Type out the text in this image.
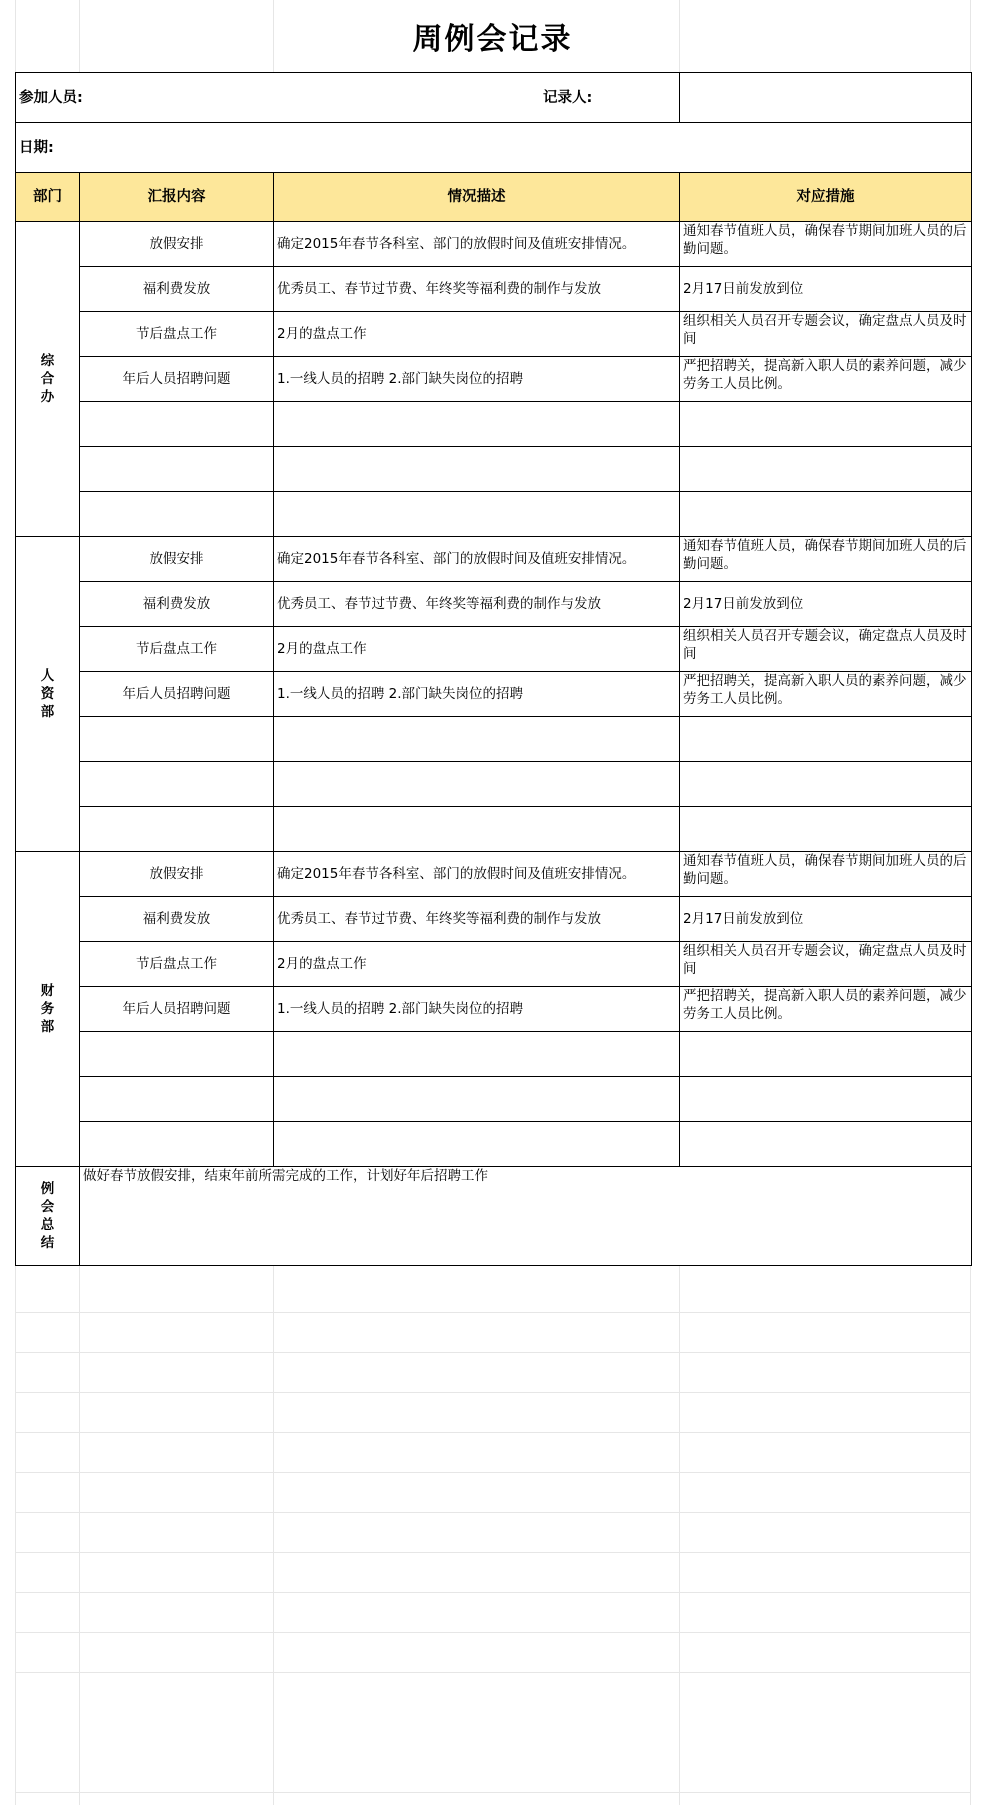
周例会记录
参加人员:			记录人:
日期:			
部门	汇报内容	情况描述	对应措施

综
合
办	放假安排	确定2015年春节各科室、部门的放假时间及值班安排情况。	通知春节值班人员，确保春节期间加班人员的后勤问题。
	福利费发放	优秀员工、春节过节费、年终奖等福利费的制作与发放	2月17日前发放到位
	节后盘点工作	2月的盘点工作	组织相关人员召开专题会议，确定盘点人员及时间
	年后人员招聘问题	1.一线人员的招聘 2.部门缺失岗位的招聘	严把招聘关，提高新入职人员的素养问题，减少劳务工人员比例。

人
资
部	放假安排	确定2015年春节各科室、部门的放假时间及值班安排情况。	通知春节值班人员，确保春节期间加班人员的后勤问题。
	福利费发放	优秀员工、春节过节费、年终奖等福利费的制作与发放	2月17日前发放到位
	节后盘点工作	2月的盘点工作	组织相关人员召开专题会议，确定盘点人员及时间
	年后人员招聘问题	1.一线人员的招聘 2.部门缺失岗位的招聘	严把招聘关，提高新入职人员的素养问题，减少劳务工人员比例。

财
务
部	放假安排	确定2015年春节各科室、部门的放假时间及值班安排情况。	通知春节值班人员，确保春节期间加班人员的后勤问题。
	福利费发放	优秀员工、春节过节费、年终奖等福利费的制作与发放	2月17日前发放到位
	节后盘点工作	2月的盘点工作	组织相关人员召开专题会议，确定盘点人员及时间
	年后人员招聘问题	1.一线人员的招聘 2.部门缺失岗位的招聘	严把招聘关，提高新入职人员的素养问题，减少劳务工人员比例。

例
会
总
结	做好春节放假安排，结束年前所需完成的工作，计划好年后招聘工作		
